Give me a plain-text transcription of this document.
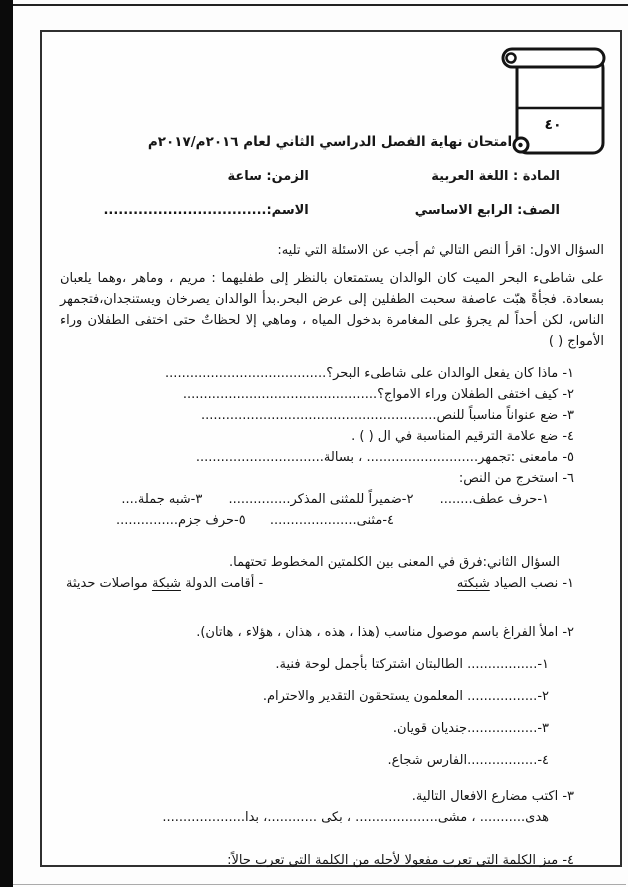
٤٠
امتحان نهاية الفصل الدراسي الثاني لعام ٢٠١٦م/٢٠١٧م
المادة : اللغة العربية
الزمن: ساعة
الصف: الرابع الاساسي
الاسم:.................................
السؤال الاول: اقرأ النص التالي ثم أجب عن الاسئلة التي تليه:
على شاطىء البحر الميت كان الوالدان يستمتعان بالنظر إلى طفليهما : مريم ، وماهر ،وهما يلعبان بسعادة. فجأةً هبّت عاصفة سحبت الطفلين إلى عرض البحر.بدأ الوالدان يصرخان ويستنجدان،فتجمهر الناس، لكن أحداً لم يجرؤ على المغامرة بدخول المياه ، وماهي إلا لحظاتٌ حتى اختفى الطفلان وراء الأمواج ( )
١- ماذا كان يفعل الوالدان على شاطىء البحر؟.......................................
٢- كيف اختفى الطفلان وراء الامواج؟...............................................
٣- ضع عنواناً مناسباً للنص.........................................................
٤- ضع علامة الترقيم المناسبة في ال ( ) .
٥- مامعنى :تجمهر........................... ، بسالة...............................
٦- استخرج من النص:
١-حرف عطف........ ٢-ضميراً للمثنى المذكر............... ٣-شبه جملة....
٤-مثنى..................... ٥-حرف جزم...............
السؤال الثاني:فرق في المعنى بين الكلمتين المخطوط تحتهما.
١- نصب الصياد شبكته
- أقامت الدولة شبكة مواصلات حديثة
٢- املأ الفراغ باسم موصول مناسب (هذا ، هذه ، هذان ، هؤلاء ، هاتان).
١-................. الطالبتان اشتركتا بأجمل لوحة فنية.
٢-................. المعلمون يستحقون التقدير والاحترام.
٣-.................جنديان قويان.
٤-.................الفارس شجاع.
٣- اكتب مضارع الافعال التالية.
هدى........... ، مشى.................... ، بكى ............، بدا....................
٤- ميز الكلمة التي تعرب مفعولا لأجله من الكلمة التي تعرب حالاً:
